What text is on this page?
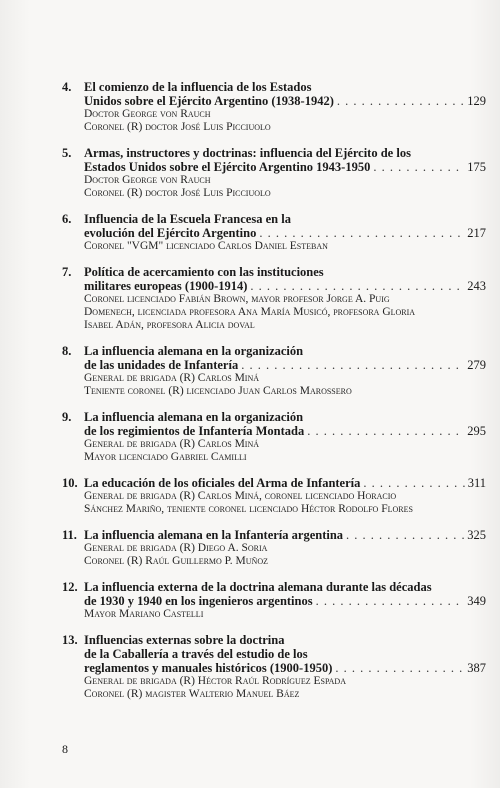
4.	El comienzo de la influencia de los Estados
Unidos sobre el Ejército Argentino (1938-1942) . . .	129
Doctor George von Rauch
Coronel (R) doctor José Luis Picciuolo
5.	Armas, instructores y doctrinas: influencia del Ejército de los
Estados Unidos sobre el Ejército Argentino 1943-1950 . . .	175
Doctor George von Rauch
Coronel (R) doctor José Luis Picciuolo
6.	Influencia de la Escuela Francesa en la
evolución del Ejército Argentino . . .	217
Coronel "VGM" licenciado Carlos Daniel Esteban
7.	Política de acercamiento con las instituciones
militares europeas (1900-1914) . . .	243
Coronel licenciado Fabián Brown, mayor profesor Jorge A. Puig
Domenech, licenciada profesora Ana María Musicó, profesora Gloria
Isabel Adán, profesora Alicia doval
8.	La influencia alemana en la organización
de las unidades de Infantería . . .	279
General de brigada (R) Carlos Miná
Teniente coronel (R) licenciado Juan Carlos Marossero
9.	La influencia alemana en la organización
de los regimientos de Infantería Montada . . .	295
General de brigada (R) Carlos Miná
Mayor licenciado Gabriel Camilli
10. La educación de los oficiales del Arma de Infantería . . .	311
General de brigada (R) Carlos Miná, coronel licenciado Horacio
Sánchez Mariño, teniente coronel licenciado Héctor Rodolfo Flores
11. La influencia alemana en la Infantería argentina . . .	325
General de brigada (R) Diego A. Soria
Coronel (R) Raúl Guillermo P. Muñoz
12. La influencia externa de la doctrina alemana durante las décadas
de 1930 y 1940 en los ingenieros argentinos . . .	349
Mayor Mariano Castelli
13. Influencias externas sobre la doctrina
de la Caballería a través del estudio de los
reglamentos y manuales históricos (1900-1950) . . .	387
General de brigada (R) Héctor Raúl Rodríguez Espada
Coronel (R) magister Walterio Manuel Báez
8
